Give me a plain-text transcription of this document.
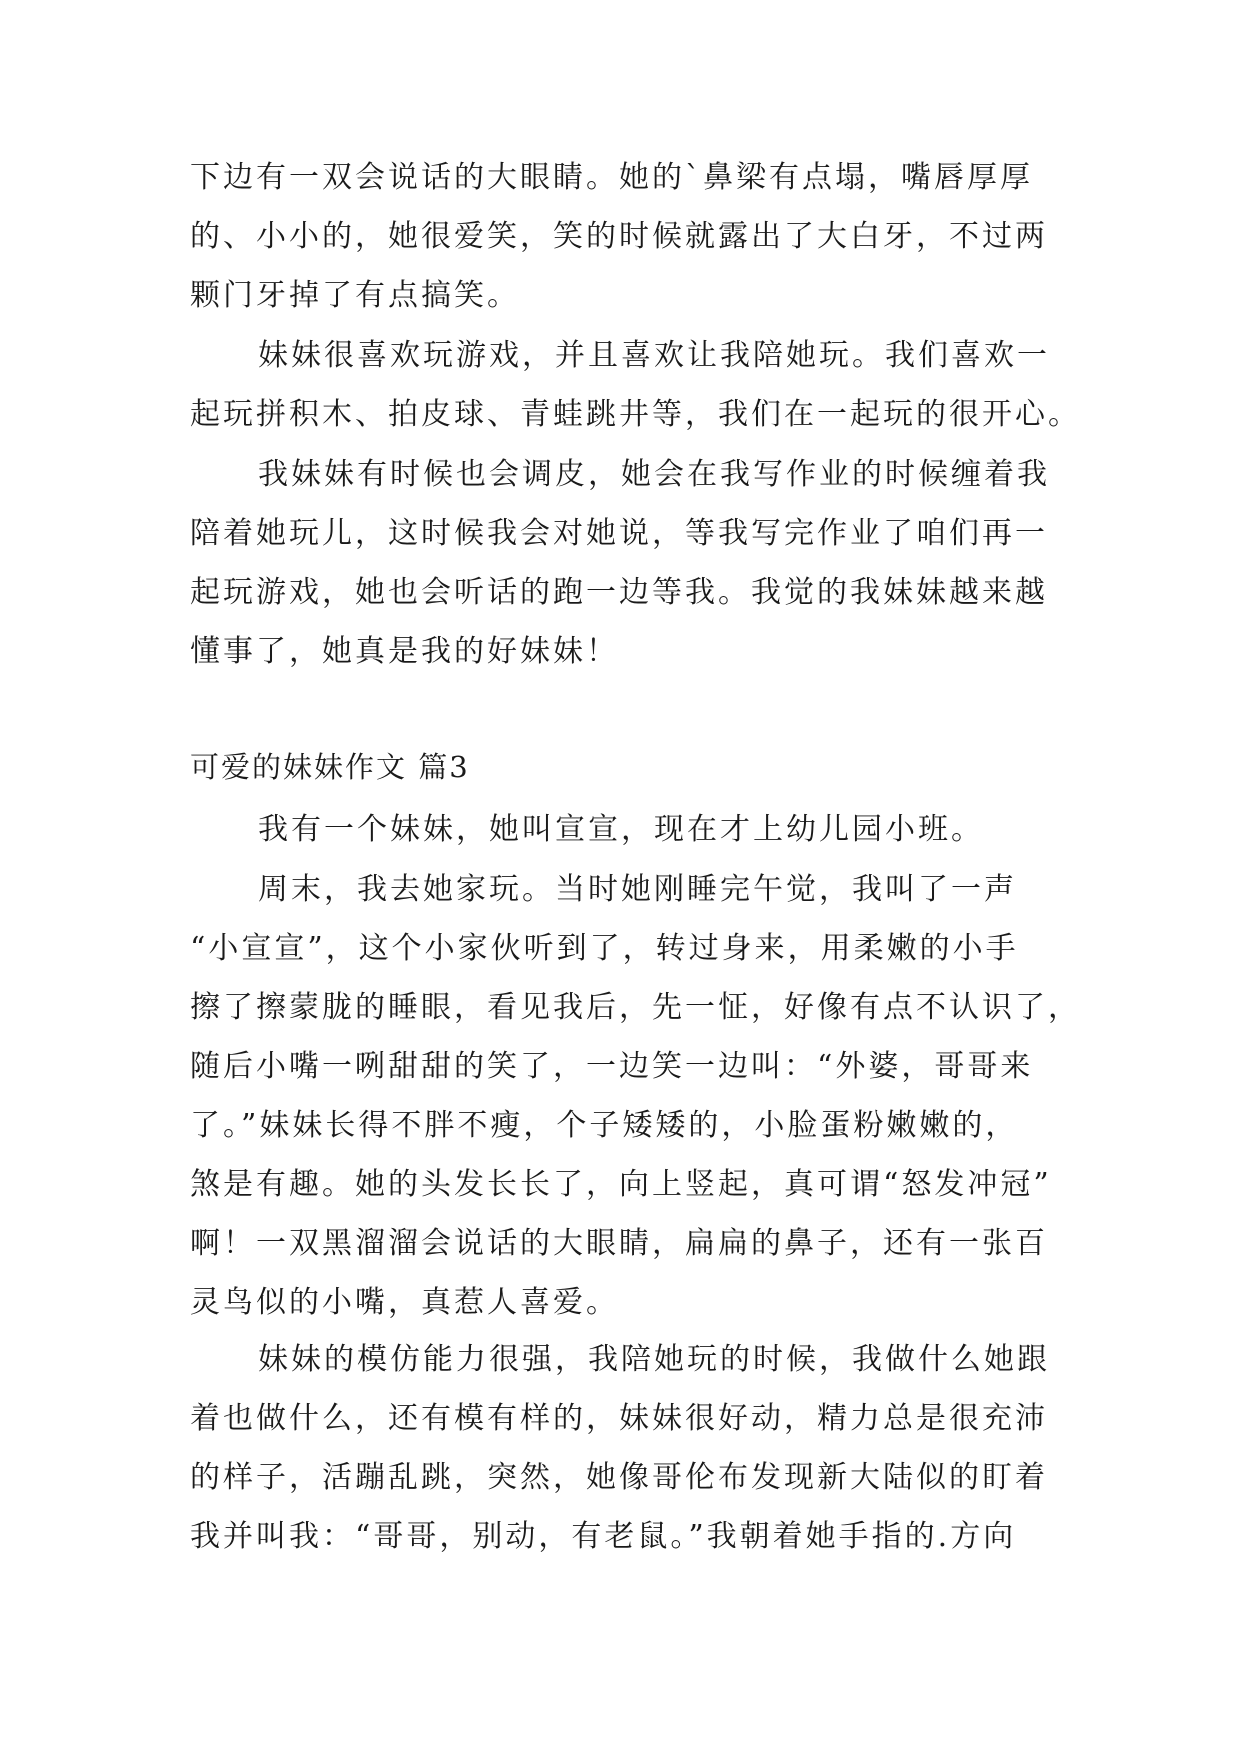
下边有一双会说话的大眼睛。她的`鼻梁有点塌，嘴唇厚厚
的、小小的，她很爱笑，笑的时候就露出了大白牙，不过两
颗门牙掉了有点搞笑。
妹妹很喜欢玩游戏，并且喜欢让我陪她玩。我们喜欢一
起玩拼积木、拍皮球、青蛙跳井等，我们在一起玩的很开心。
我妹妹有时候也会调皮，她会在我写作业的时候缠着我
陪着她玩儿，这时候我会对她说，等我写完作业了咱们再一
起玩游戏，她也会听话的跑一边等我。我觉的我妹妹越来越
懂事了，她真是我的好妹妹！
可爱的妹妹作文 篇3
我有一个妹妹，她叫宣宣，现在才上幼儿园小班。
周末，我去她家玩。当时她刚睡完午觉，我叫了一声
“小宣宣”，这个小家伙听到了，转过身来，用柔嫩的小手
擦了擦蒙胧的睡眼，看见我后，先一怔，好像有点不认识了，
随后小嘴一咧甜甜的笑了，一边笑一边叫：“外婆，哥哥来
了。”妹妹长得不胖不瘦，个子矮矮的，小脸蛋粉嫩嫩的，
煞是有趣。她的头发长长了，向上竖起，真可谓“怒发冲冠”
啊！一双黑溜溜会说话的大眼睛，扁扁的鼻子，还有一张百
灵鸟似的小嘴，真惹人喜爱。
妹妹的模仿能力很强，我陪她玩的时候，我做什么她跟
着也做什么，还有模有样的，妹妹很好动，精力总是很充沛
的样子，活蹦乱跳，突然，她像哥伦布发现新大陆似的盯着
我并叫我：“哥哥，别动，有老鼠。”我朝着她手指的.方向
